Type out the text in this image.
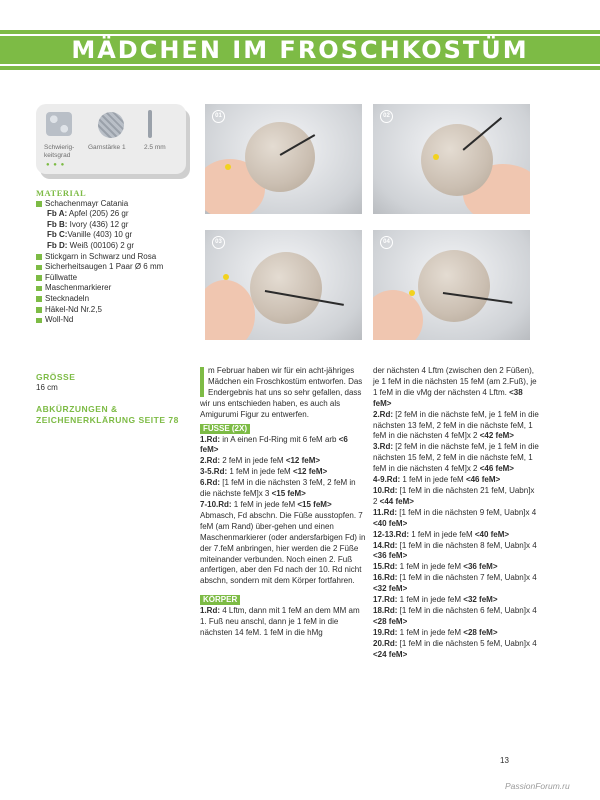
MÄDCHEN IM FROSCHKOSTÜM
Schwierig-
keitsgrad
● ● ●
Garnstärke 1	2.5 mm
MATERIAL
Schachenmayr Catania
Fb A: Apfel (205) 26 gr
Fb B: Ivory (436) 12 gr
Fb C:Vanille (403) 10 gr
Fb D: Weiß (00106) 2 gr
Stickgarn in Schwarz und Rosa
Sicherheitsaugen 1 Paar Ø 6 mm
Füllwatte
Maschenmarkierer
Stecknadeln
Häkel-Nd Nr.2,5
Woll-Nd
GRÖSSE
16 cm
ABKÜRZUNGEN &
ZEICHENERKLÄRUNG SEITE 78
01	02
03	04

m Februar haben wir für ein acht-jähriges Mädchen ein Froschkostüm entworfen. Das Endergebnis hat uns so sehr gefallen, dass wir uns entschieden haben, es auch als Amigurumi Figur zu entwerfen.

FÜSSE (2X)

1.Rd: in A einen Fd-Ring mit 6 feM arb <6 feM>

2.Rd: 2 feM in jede feM <12 feM>

3-5.Rd: 1 feM in jede feM <12 feM>

6.Rd: [1 feM in die nächsten 3 feM, 2 feM in die nächste feM]x 3 <15 feM>

7-10.Rd: 1 feM in jede feM <15 feM>

Abmasch, Fd abschn. Die Füße ausstopfen. 7 feM (am Rand) über-gehen und einen Maschenmarkierer (oder andersfarbigen Fd) in der 7.feM anbringen, hier werden die 2 Füße miteinander verbunden. Noch einen 2. Fuß anfertigen, aber den Fd nach der 10. Rd nicht abschn, sondern mit dem Körper fortfahren.

KÖRPER

1.Rd: 4 Lftm, dann mit 1 feM an dem MM am 1. Fuß neu anschl, dann je 1 feM in die nächsten 14 feM. 1 feM in die hMg

der nächsten 4 Lftm (zwischen den 2 Füßen), je 1 feM in die nächsten 15 feM (am 2.Fuß), je 1 feM in die vMg der nächsten 4 Lftm. <38 feM>

2.Rd: [2 feM in die nächste feM, je 1 feM in die nächsten 13 feM, 2 feM in die nächste feM, 1 feM in die nächsten 4 feM]x 2 <42 feM>

3.Rd: [2 feM in die nächste feM, je 1 feM in die nächsten 15 feM, 2 feM in die nächste feM, 1 feM in die nächsten 4 feM]x 2 <46 feM>

4-9.Rd: 1 feM in jede feM <46 feM>

10.Rd: [1 feM in die nächsten 21 feM, Uabn]x 2 <44 feM>

11.Rd: [1 feM in die nächsten 9 feM, Uabn]x 4 <40 feM>

12-13.Rd: 1 feM in jede feM <40 feM>

14.Rd: [1 feM in die nächsten 8 feM, Uabn]x 4 <36 feM>

15.Rd: 1 feM in jede feM <36 feM>

16.Rd: [1 feM in die nächsten 7 feM, Uabn]x 4 <32 feM>

17.Rd: 1 feM in jede feM <32 feM>

18.Rd: [1 feM in die nächsten 6 feM, Uabn]x 4 <28 feM>

19.Rd: 1 feM in jede feM <28 feM>

20.Rd: [1 feM in die nächsten 5 feM, Uabn]x 4 <24 feM>

13
PassionForum.ru
